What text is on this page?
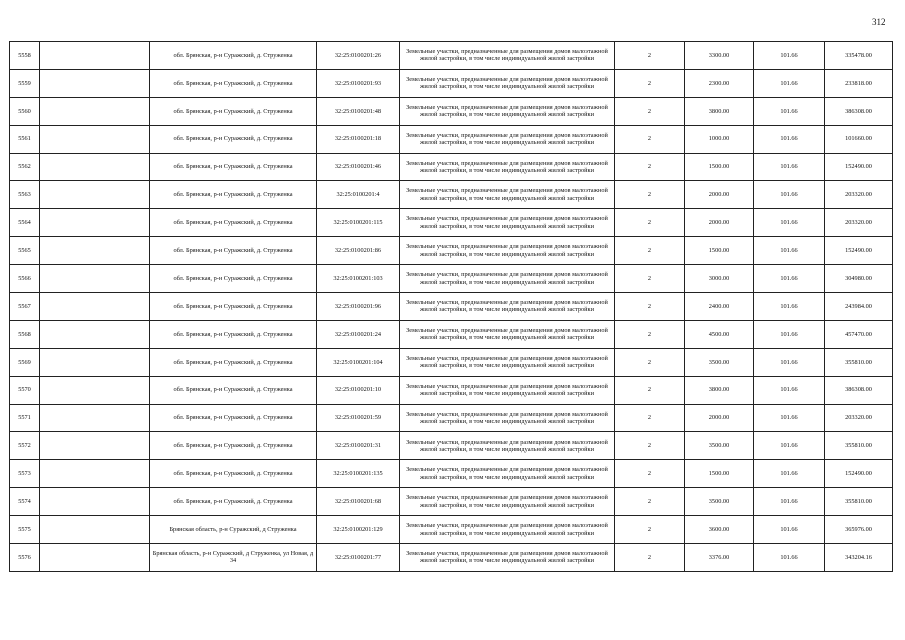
312
5558		обл. Брянская, р-н Суражский, д. Струженка	32:25:0100201:26	Земельные участки, предназначенные для размещения домов малоэтажной жилой застройки, в том числе индивидуальной жилой застройки	2	3300.00	101.66	335478.00
5559		обл. Брянская, р-н Суражский, д. Струженка	32:25:0100201:93	Земельные участки, предназначенные для размещения домов малоэтажной жилой застройки, в том числе индивидуальной жилой застройки	2	2300.00	101.66	233818.00
5560		обл. Брянская, р-н Суражский, д. Струженка	32:25:0100201:48	Земельные участки, предназначенные для размещения домов малоэтажной жилой застройки, в том числе индивидуальной жилой застройки	2	3800.00	101.66	386308.00
5561		обл. Брянская, р-н Суражский, д. Струженка	32:25:0100201:18	Земельные участки, предназначенные для размещения домов малоэтажной жилой застройки, в том числе индивидуальной жилой застройки	2	1000.00	101.66	101660.00
5562		обл. Брянская, р-н Суражский, д. Струженка	32:25:0100201:46	Земельные участки, предназначенные для размещения домов малоэтажной жилой застройки, в том числе индивидуальной жилой застройки	2	1500.00	101.66	152490.00
5563		обл. Брянская, р-н Суражский, д. Струженка	32:25:0100201:4	Земельные участки, предназначенные для размещения домов малоэтажной жилой застройки, в том числе индивидуальной жилой застройки	2	2000.00	101.66	203320.00
5564		обл. Брянская, р-н Суражский, д. Струженка	32:25:0100201:115	Земельные участки, предназначенные для размещения домов малоэтажной жилой застройки, в том числе индивидуальной жилой застройки	2	2000.00	101.66	203320.00
5565		обл. Брянская, р-н Суражский, д. Струженка	32:25:0100201:86	Земельные участки, предназначенные для размещения домов малоэтажной жилой застройки, в том числе индивидуальной жилой застройки	2	1500.00	101.66	152490.00
5566		обл. Брянская, р-н Суражский, д. Струженка	32:25:0100201:103	Земельные участки, предназначенные для размещения домов малоэтажной жилой застройки, в том числе индивидуальной жилой застройки	2	3000.00	101.66	304980.00
5567		обл. Брянская, р-н Суражский, д. Струженка	32:25:0100201:96	Земельные участки, предназначенные для размещения домов малоэтажной жилой застройки, в том числе индивидуальной жилой застройки	2	2400.00	101.66	243984.00
5568		обл. Брянская, р-н Суражский, д. Струженка	32:25:0100201:24	Земельные участки, предназначенные для размещения домов малоэтажной жилой застройки, в том числе индивидуальной жилой застройки	2	4500.00	101.66	457470.00
5569		обл. Брянская, р-н Суражский, д. Струженка	32:25:0100201:104	Земельные участки, предназначенные для размещения домов малоэтажной жилой застройки, в том числе индивидуальной жилой застройки	2	3500.00	101.66	355810.00
5570		обл. Брянская, р-н Суражский, д. Струженка	32:25:0100201:10	Земельные участки, предназначенные для размещения домов малоэтажной жилой застройки, в том числе индивидуальной жилой застройки	2	3800.00	101.66	386308.00
5571		обл. Брянская, р-н Суражский, д. Струженка	32:25:0100201:59	Земельные участки, предназначенные для размещения домов малоэтажной жилой застройки, в том числе индивидуальной жилой застройки	2	2000.00	101.66	203320.00
5572		обл. Брянская, р-н Суражский, д. Струженка	32:25:0100201:31	Земельные участки, предназначенные для размещения домов малоэтажной жилой застройки, в том числе индивидуальной жилой застройки	2	3500.00	101.66	355810.00
5573		обл. Брянская, р-н Суражский, д. Струженка	32:25:0100201:135	Земельные участки, предназначенные для размещения домов малоэтажной жилой застройки, в том числе индивидуальной жилой застройки	2	1500.00	101.66	152490.00
5574		обл. Брянская, р-н Суражский, д. Струженка	32:25:0100201:68	Земельные участки, предназначенные для размещения домов малоэтажной жилой застройки, в том числе индивидуальной жилой застройки	2	3500.00	101.66	355810.00
5575		Брянская область, р-н Суражский, д Струженка	32:25:0100201:129	Земельные участки, предназначенные для размещения домов малоэтажной жилой застройки, в том числе индивидуальной жилой застройки	2	3600.00	101.66	365976.00
5576		Брянская область, р-н Суражский, д Струженка, ул Новая, д 34	32:25:0100201:77	Земельные участки, предназначенные для размещения домов малоэтажной жилой застройки, в том числе индивидуальной жилой застройки	2	3376.00	101.66	343204.16
